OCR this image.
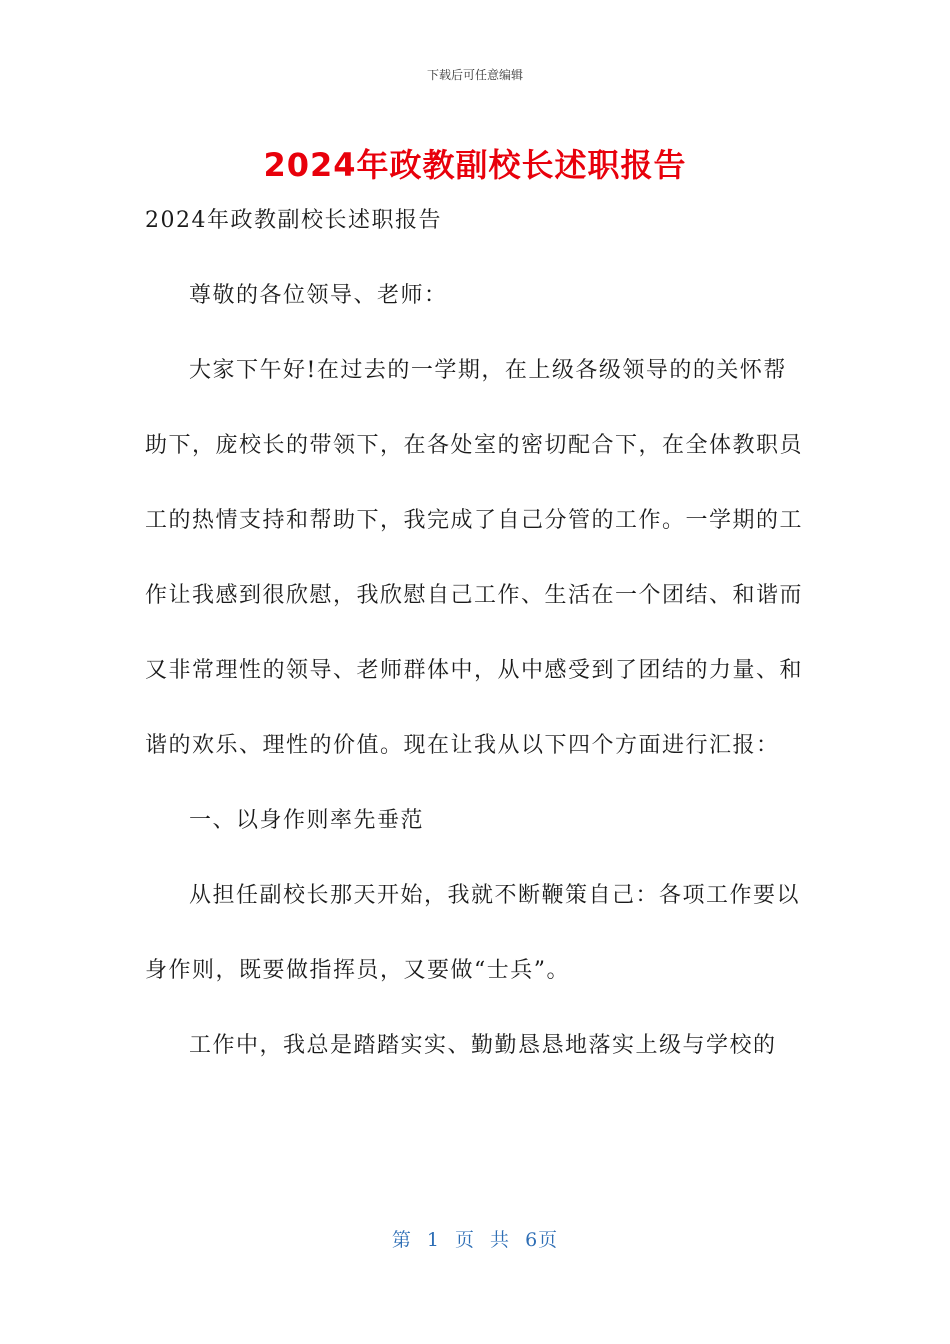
下载后可任意编辑
2024年政教副校长述职报告

2024年政教副校长述职报告

尊敬的各位领导、老师：

大家下午好!在过去的一学期，在上级各级领导的的关怀帮助下，庞校长的带领下，在各处室的密切配合下，在全体教职员工的热情支持和帮助下，我完成了自己分管的工作。一学期的工作让我感到很欣慰，我欣慰自己工作、生活在一个团结、和谐而又非常理性的领导、老师群体中，从中感受到了团结的力量、和谐的欢乐、理性的价值。现在让我从以下四个方面进行汇报：

一、以身作则率先垂范

从担任副校长那天开始，我就不断鞭策自己：各项工作要以身作则，既要做指挥员，又要做“士兵”。

工作中，我总是踏踏实实、勤勤恳恳地落实上级与学校的

第 1 页 共 6页
